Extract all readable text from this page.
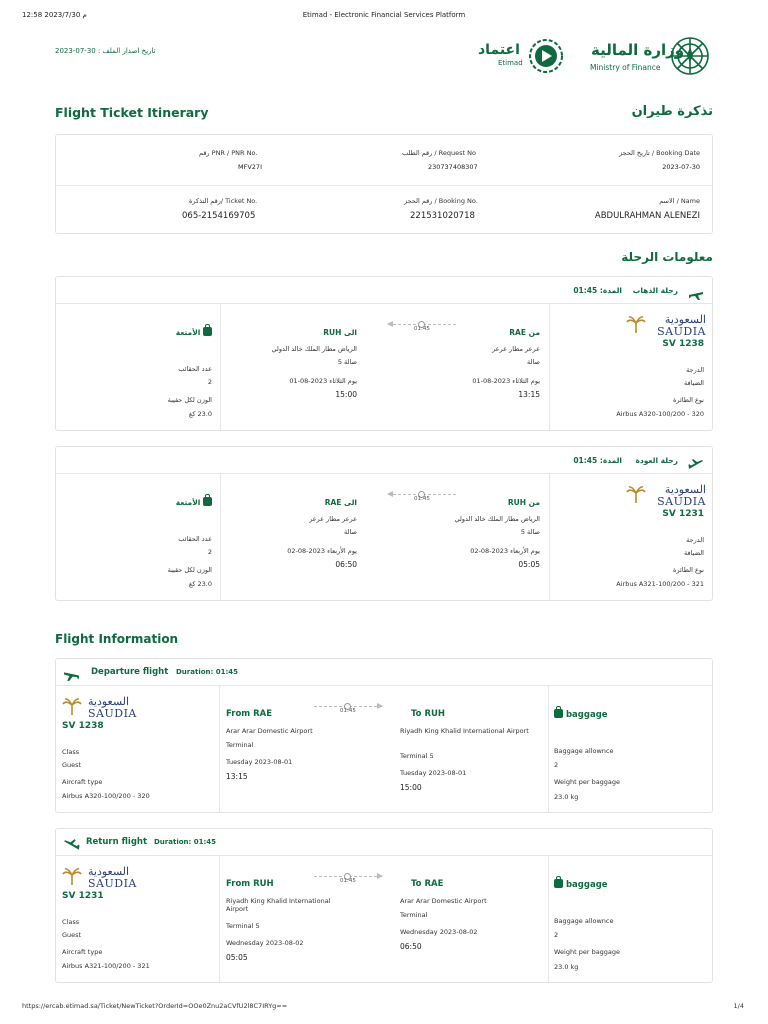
12:58 2023/7/30 م	Etimad - Electronic Financial Services Platform
تاريخ اصدار الملف : 30-07-2023	اعتماد
Etimad
وزارة المالية
Ministry of Finance
Flight Ticket Itinerary	تذكرة طيران
تاريخ الحجز / Booking Date
2023-07-30
رقم الطلب / Request No
230737408307
رقم PNR / PNR No.
MFV27I
الاسم / Name
ABDULRAHMAN ALENEZI
رقم الحجز / Booking No.
221531020718
رقم التذكرة/ Ticket No.
065-2154169705
معلومات الرحلة
رحلة الذهاب
المدة: 01:45
السعودية
SAUDIA
SV 1238
الدرجة
الضيافة
نوع الطائرة
Airbus A320-100/200 - 320
من RAE
عرعر مطار عرعر
صالة
يوم الثلاثاء 2023-08-01
13:15
01:45
الى RUH
الرياض مطار الملك خالد الدولي
صالة 5
يوم الثلاثاء 2023-08-01
15:00
الأمتعة
عدد الحقائب
2
الوزن لكل حقيبة
23.0 كغ
رحلة العودة
المدة: 01:45
السعودية
SAUDIA
SV 1231
الدرجة
الضيافة
نوع الطائرة
Airbus A321-100/200 - 321
من RUH
الرياض مطار الملك خالد الدولي
صالة 5
يوم الأربعاء 2023-08-02
05:05
01:45
الى RAE
عرعر مطار عرعر
صالة
يوم الأربعاء 2023-08-02
06:50
الأمتعة
عدد الحقائب
2
الوزن لكل حقيبة
23.0 كغ
Flight Information
Departure flight Duration: 01:45
السعودية
SAUDIA
SV 1238
Class
Guest
Aircraft type
Airbus A320-100/200 - 320
From RAE
Arar Arar Domestic Airport
Terminal
Tuesday 2023-08-01
13:15
01:45	To RUH
Riyadh King Khalid International Airport
Terminal 5
Tuesday 2023-08-01
15:00
baggage
Baggage allownce
2
Weight per baggage
23.0 kg
Return flight Duration: 01:45
السعودية
SAUDIA
SV 1231
Class
Guest
Aircraft type
Airbus A321-100/200 - 321
From RUH
Riyadh King Khalid International Airport
Terminal 5
Wednesday 2023-08-02
05:05
01:45	To RAE
Arar Arar Domestic Airport
Terminal
Wednesday 2023-08-02
06:50
baggage
Baggage allownce
2
Weight per baggage
23.0 kg
https://ercab.etimad.sa/Ticket/NewTicket?OrderId=OOe0Znu2aCVfU2l8C7IRYg==	1/4
